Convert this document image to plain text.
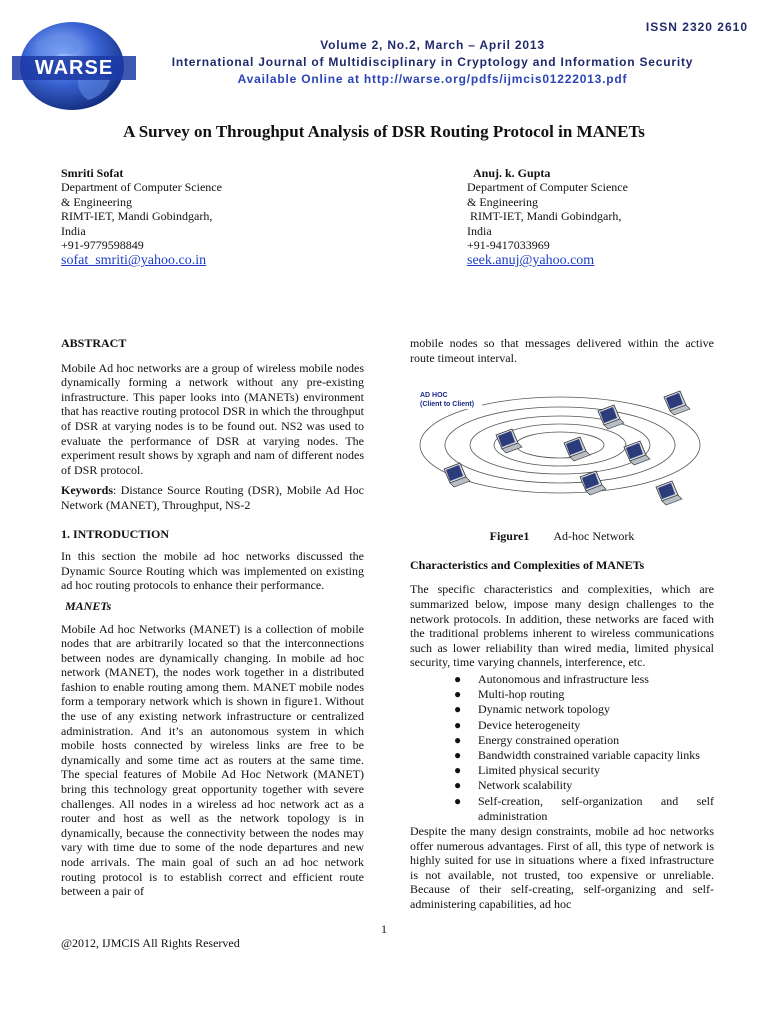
WARSE
ISSN 2320 2610
Volume 2, No.2, March – April 2013
International Journal of Multidisciplinary in Cryptology and Information Security
Available Online at http://warse.org/pdfs/ijmcis01222013.pdf
A Survey on Throughput Analysis of DSR Routing Protocol in MANETs
Smriti Sofat
Department of Computer Science
& Engineering
RIMT-IET, Mandi Gobindgarh,
India
+91-9779598849
sofat_smriti@yahoo.co.in
Anuj. k. Gupta
Department of Computer Science
& Engineering
RIMT-IET, Mandi Gobindgarh,
India
+91-9417033969
seek.anuj@yahoo.com
ABSTRACT

Mobile Ad hoc networks are a group of wireless mobile nodes dynamically forming a network without any pre-existing infrastructure. This paper looks into (MANETs) environment that has reactive routing protocol DSR in which the throughput of DSR at varying nodes is to be found out. NS2 was used to evaluate the performance of DSR at varying nodes. The experiment result shows by xgraph and nam of different nodes of DSR protocol.

Keywords: Distance Source Routing (DSR), Mobile Ad Hoc Network (MANET), Throughput, NS-2

1. INTRODUCTION

In this section the mobile ad hoc networks discussed the Dynamic Source Routing which was implemented on existing ad hoc routing protocols to enhance their performance.

MANETs

Mobile Ad hoc Networks (MANET) is a collection of mobile nodes that are arbitrarily located so that the interconnections between nodes are dynamically changing. In mobile ad hoc network (MANET), the nodes work together in a distributed fashion to enable routing among them. MANET mobile nodes form a temporary network which is shown in figure1. Without the use of any existing network infrastructure or centralized administration. And it’s an autonomous system in which mobile hosts connected by wireless links are free to be dynamically and some time act as routers at the same time. The special features of Mobile Ad Hoc Network (MANET) bring this technology great opportunity together with severe challenges. All nodes in a wireless ad hoc network act as a router and host as well as the network topology is in dynamically, because the connectivity between the nodes may vary with time due to some of the node departures and new node arrivals. The main goal of such an ad hoc network routing protocol is to establish correct and efficient route between a pair of

mobile nodes so that messages delivered within the active route timeout interval.

AD HOC
(Client to Client)
Figure1 Ad-hoc Network
Characteristics and Complexities of MANETs

The specific characteristics and complexities, which are summarized below, impose many design challenges to the network protocols. In addition, these networks are faced with the traditional problems inherent to wireless communications such as lower reliability than wired media, limited physical security, time varying channels, interference, etc.

● Autonomous and infrastructure less
● Multi-hop routing
● Dynamic network topology
● Device heterogeneity
● Energy constrained operation
● Bandwidth constrained variable capacity links
● Limited physical security
● Network scalability
● Self-creation, self-organization and self administration

Despite the many design constraints, mobile ad hoc networks offer numerous advantages. First of all, this type of network is highly suited for use in situations where a fixed infrastructure is not available, not trusted, too expensive or unreliable. Because of their self-creating, self-organizing and self-administering capabilities, ad hoc

1
@2012, IJMCIS All Rights Reserved
